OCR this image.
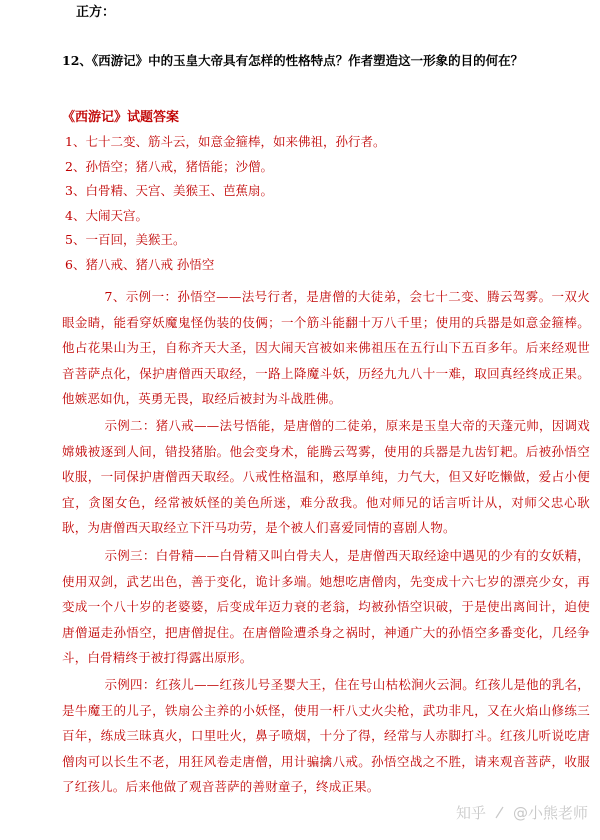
正方：
12、《西游记》中的玉皇大帝具有怎样的性格特点？作者塑造这一形象的目的何在？
《西游记》试题答案
1、七十二变、筋斗云，如意金箍棒，如来佛祖，孙行者。
2、孙悟空；猪八戒，猪悟能；沙僧。
3、白骨精、天宫、美猴王、芭蕉扇。
4、大闹天宫。
5、一百回，美猴王。
6、猪八戒、猪八戒 孙悟空
7、示例一：孙悟空——法号行者，是唐僧的大徒弟，会七十二变、腾云驾雾。一双火眼金睛，能看穿妖魔鬼怪伪装的伎俩；一个筋斗能翻十万八千里；使用的兵器是如意金箍棒。他占花果山为王，自称齐天大圣，因大闹天宫被如来佛祖压在五行山下五百多年。后来经观世音菩萨点化，保护唐僧西天取经，一路上降魔斗妖，历经九九八十一难，取回真经终成正果。他嫉恶如仇，英勇无畏，取经后被封为斗战胜佛。
示例二：猪八戒——法号悟能，是唐僧的二徒弟，原来是玉皇大帝的天蓬元帅，因调戏嫦娥被逐到人间，错投猪胎。他会变身术，能腾云驾雾，使用的兵器是九齿钉耙。后被孙悟空收服，一同保护唐僧西天取经。八戒性格温和，憨厚单纯，力气大，但又好吃懒做，爱占小便宜，贪图女色，经常被妖怪的美色所迷，难分敌我。他对师兄的话言听计从，对师父忠心耿耿，为唐僧西天取经立下汗马功劳，是个被人们喜爱同情的喜剧人物。
示例三：白骨精——白骨精又叫白骨夫人，是唐僧西天取经途中遇见的少有的女妖精，使用双剑，武艺出色，善于变化，诡计多端。她想吃唐僧肉，先变成十六七岁的漂亮少女，再变成一个八十岁的老婆婆，后变成年迈力衰的老翁，均被孙悟空识破，于是使出离间计，迫使唐僧逼走孙悟空，把唐僧捉住。在唐僧险遭杀身之祸时，神通广大的孙悟空多番变化，几经争斗，白骨精终于被打得露出原形。
示例四：红孩儿——红孩儿号圣婴大王，住在号山枯松涧火云洞。红孩儿是他的乳名，是牛魔王的儿子，铁扇公主养的小妖怪，使用一杆八丈火尖枪，武功非凡，又在火焰山修练三百年，练成三昧真火，口里吐火，鼻子喷烟，十分了得，经常与人赤脚打斗。红孩儿听说吃唐僧肉可以长生不老，用狂风卷走唐僧，用计骗擒八戒。孙悟空战之不胜，请来观音菩萨，收服了红孩儿。后来他做了观音菩萨的善财童子，终成正果。
知乎 @小熊老师
